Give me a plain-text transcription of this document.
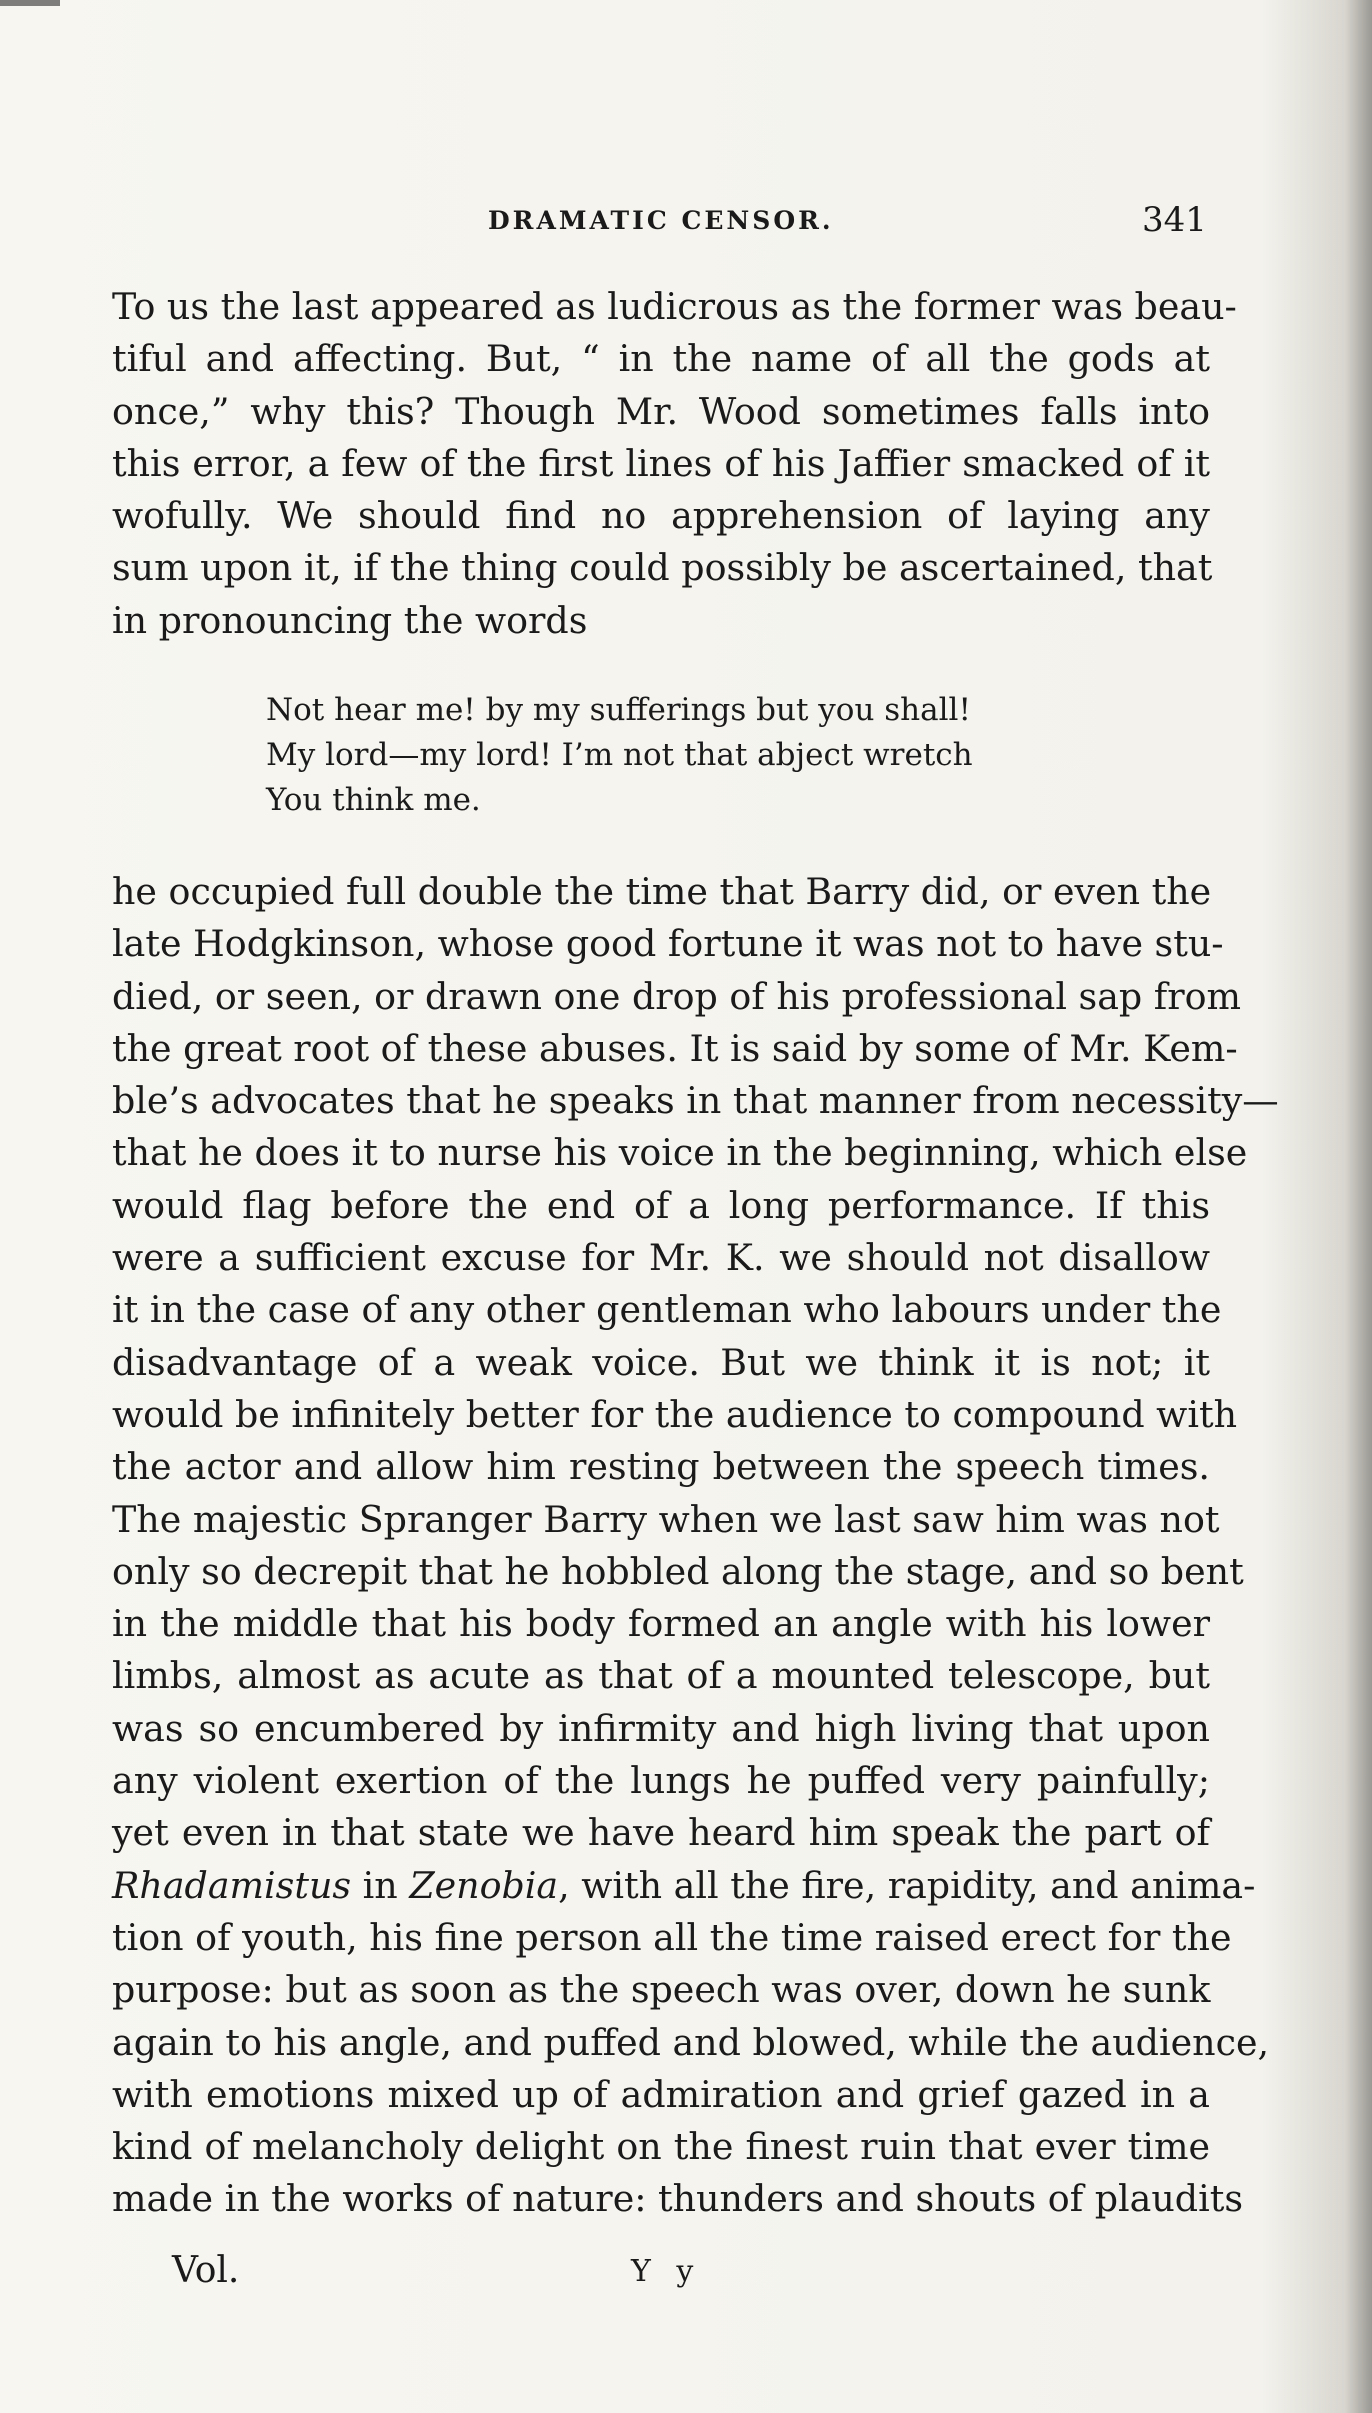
DRAMATIC CENSOR.	341
To us the last appeared as ludicrous as the former was beau-
tiful and affecting. But, “ in the name of all the gods at
once,” why this? Though Mr. Wood sometimes falls into
this error, a few of the first lines of his Jaffier smacked of it
wofully. We should find no apprehension of laying any
sum upon it, if the thing could possibly be ascertained, that
in pronouncing the words
Not hear me! by my sufferings but you shall!
My lord—my lord! I’m not that abject wretch
You think me.
he occupied full double the time that Barry did, or even the
late Hodgkinson, whose good fortune it was not to have stu-
died, or seen, or drawn one drop of his professional sap from
the great root of these abuses. It is said by some of Mr. Kem-
ble’s advocates that he speaks in that manner from necessity—
that he does it to nurse his voice in the beginning, which else
would flag before the end of a long performance. If this
were a sufficient excuse for Mr. K. we should not disallow
it in the case of any other gentleman who labours under the
disadvantage of a weak voice. But we think it is not; it
would be infinitely better for the audience to compound with
the actor and allow him resting between the speech times.
The majestic Spranger Barry when we last saw him was not
only so decrepit that he hobbled along the stage, and so bent
in the middle that his body formed an angle with his lower
limbs, almost as acute as that of a mounted telescope, but
was so encumbered by infirmity and high living that upon
any violent exertion of the lungs he puffed very painfully;
yet even in that state we have heard him speak the part of
Rhadamistus in Zenobia, with all the fire, rapidity, and anima-
tion of youth, his fine person all the time raised erect for the
purpose: but as soon as the speech was over, down he sunk
again to his angle, and puffed and blowed, while the audience,
with emotions mixed up of admiration and grief gazed in a
kind of melancholy delight on the finest ruin that ever time
made in the works of nature: thunders and shouts of plaudits
Vol.	Y y
